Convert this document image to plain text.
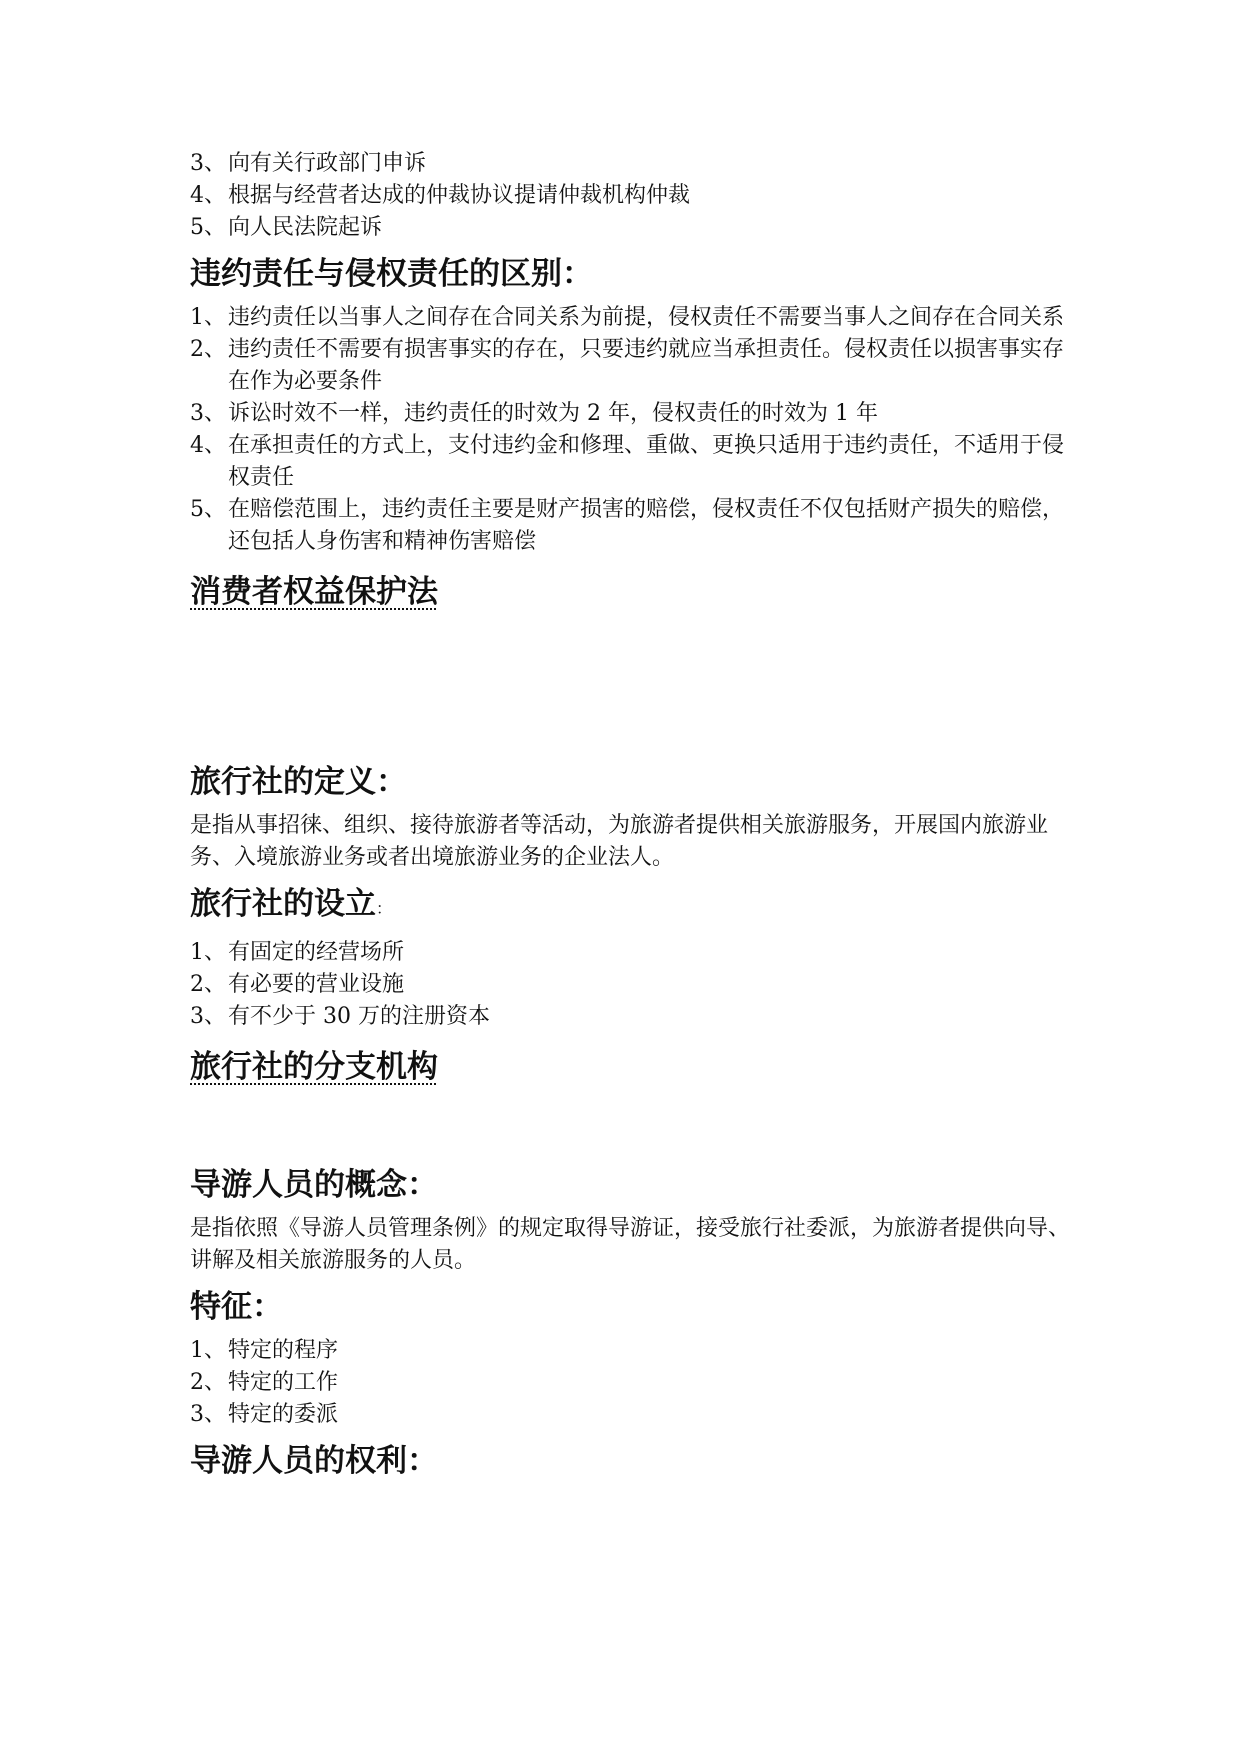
3、 向有关行政部门申诉
4、 根据与经营者达成的仲裁协议提请仲裁机构仲裁
5、 向人民法院起诉
违约责任与侵权责任的区别：
1、 违约责任以当事人之间存在合同关系为前提，侵权责任不需要当事人之间存在合同关系
2、 违约责任不需要有损害事实的存在，只要违约就应当承担责任。侵权责任以损害事实存在作为必要条件
3、 诉讼时效不一样，违约责任的时效为 2 年，侵权责任的时效为 1 年
4、 在承担责任的方式上，支付违约金和修理、重做、更换只适用于违约责任，不适用于侵权责任
5、 在赔偿范围上，违约责任主要是财产损害的赔偿，侵权责任不仅包括财产损失的赔偿，还包括人身伤害和精神伤害赔偿
消费者权益保护法
旅行社的定义：
是指从事招徕、组织、接待旅游者等活动，为旅游者提供相关旅游服务，开展国内旅游业务、入境旅游业务或者出境旅游业务的企业法人。
旅行社的设立：
1、 有固定的经营场所
2、 有必要的营业设施
3、 有不少于 30 万的注册资本
旅行社的分支机构
导游人员的概念：
是指依照《导游人员管理条例》的规定取得导游证，接受旅行社委派，为旅游者提供向导、讲解及相关旅游服务的人员。
特征：
1、 特定的程序
2、 特定的工作
3、 特定的委派
导游人员的权利：
